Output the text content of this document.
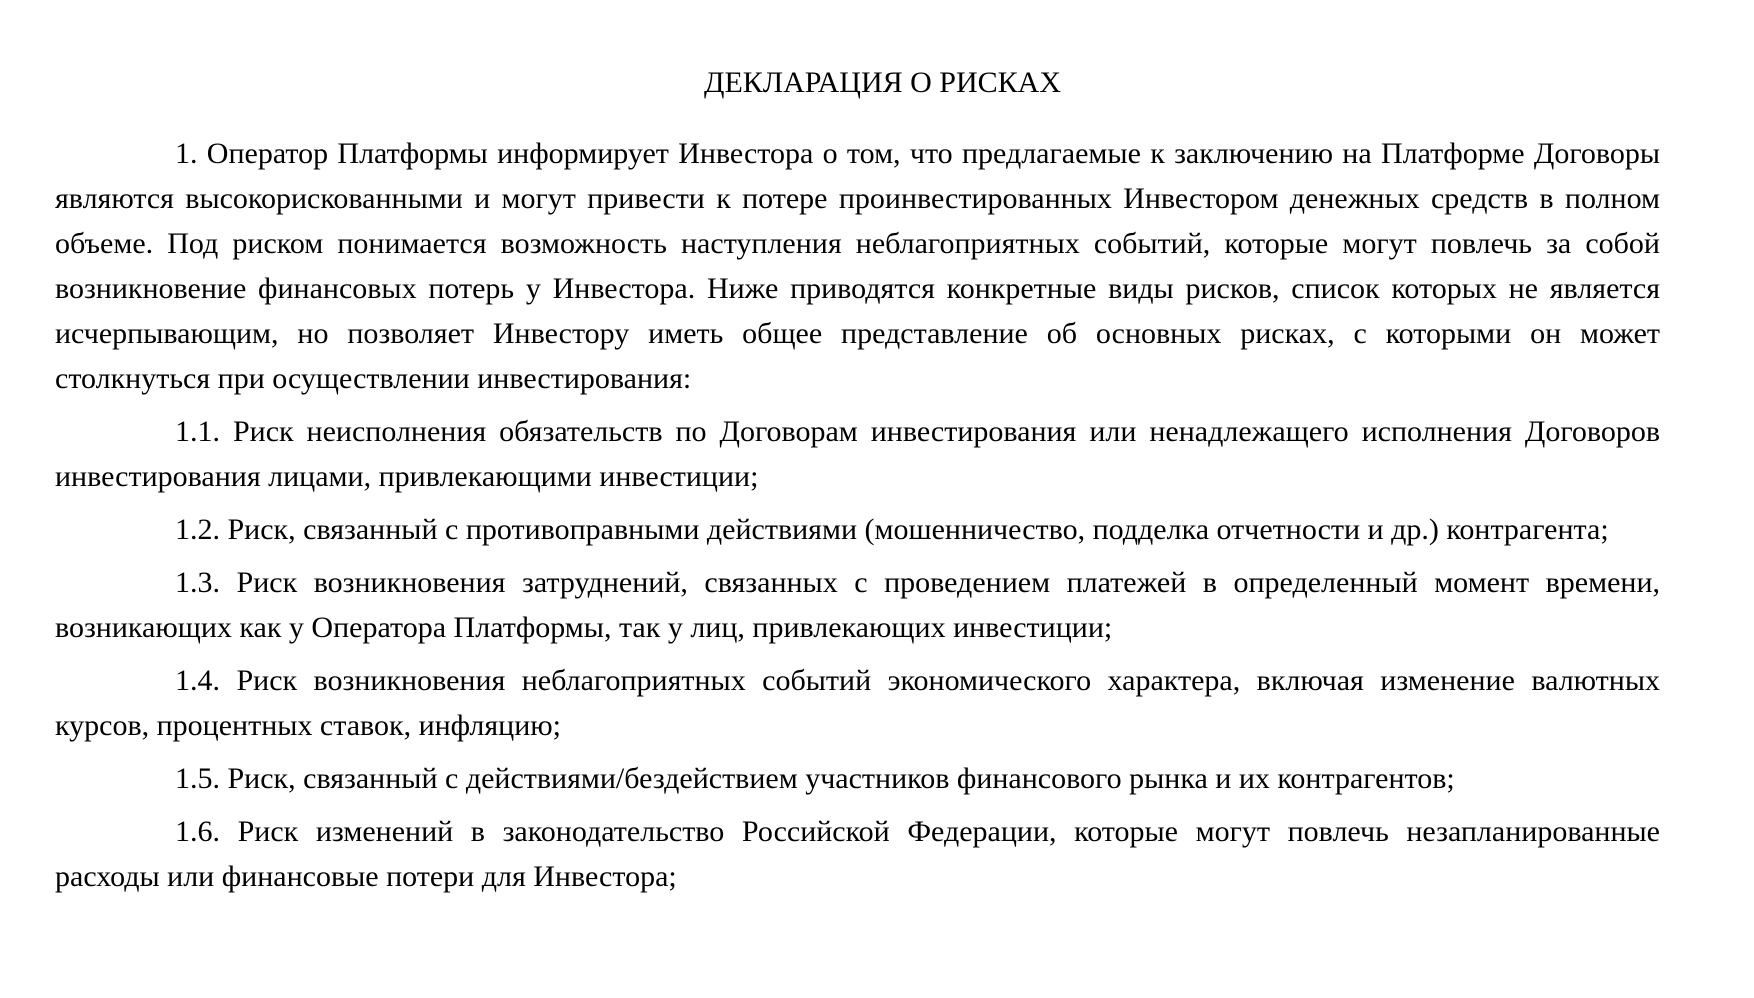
ДЕКЛАРАЦИЯ О РИСКАХ

1. Оператор Платформы информирует Инвестора о том, что предлагаемые к заключению на Платформе Договоры являются высокорискованными и могут привести к потере проинвестированных Инвестором денежных средств в полном объеме. Под риском понимается возможность наступления неблагоприятных событий, которые могут повлечь за собой возникновение финансовых потерь у Инвестора. Ниже приводятся конкретные виды рисков, список которых не является исчерпывающим, но позволяет Инвестору иметь общее представление об основных рисках, с которыми он может столкнуться при осуществлении инвестирования:

1.1. Риск неисполнения обязательств по Договорам инвестирования или ненадлежащего исполнения Договоров инвестирования лицами, привлекающими инвестиции;

1.2. Риск, связанный с противоправными действиями (мошенничество, подделка отчетности и др.) контрагента;

1.3. Риск возникновения затруднений, связанных с проведением платежей в определенный момент времени, возникающих как у Оператора Платформы, так у лиц, привлекающих инвестиции;

1.4. Риск возникновения неблагоприятных событий экономического характера, включая изменение валютных курсов, процентных ставок, инфляцию;

1.5. Риск, связанный с действиями/бездействием участников финансового рынка и их контрагентов;

1.6. Риск изменений в законодательство Российской Федерации, которые могут повлечь незапланированные расходы или финансовые потери для Инвестора;
